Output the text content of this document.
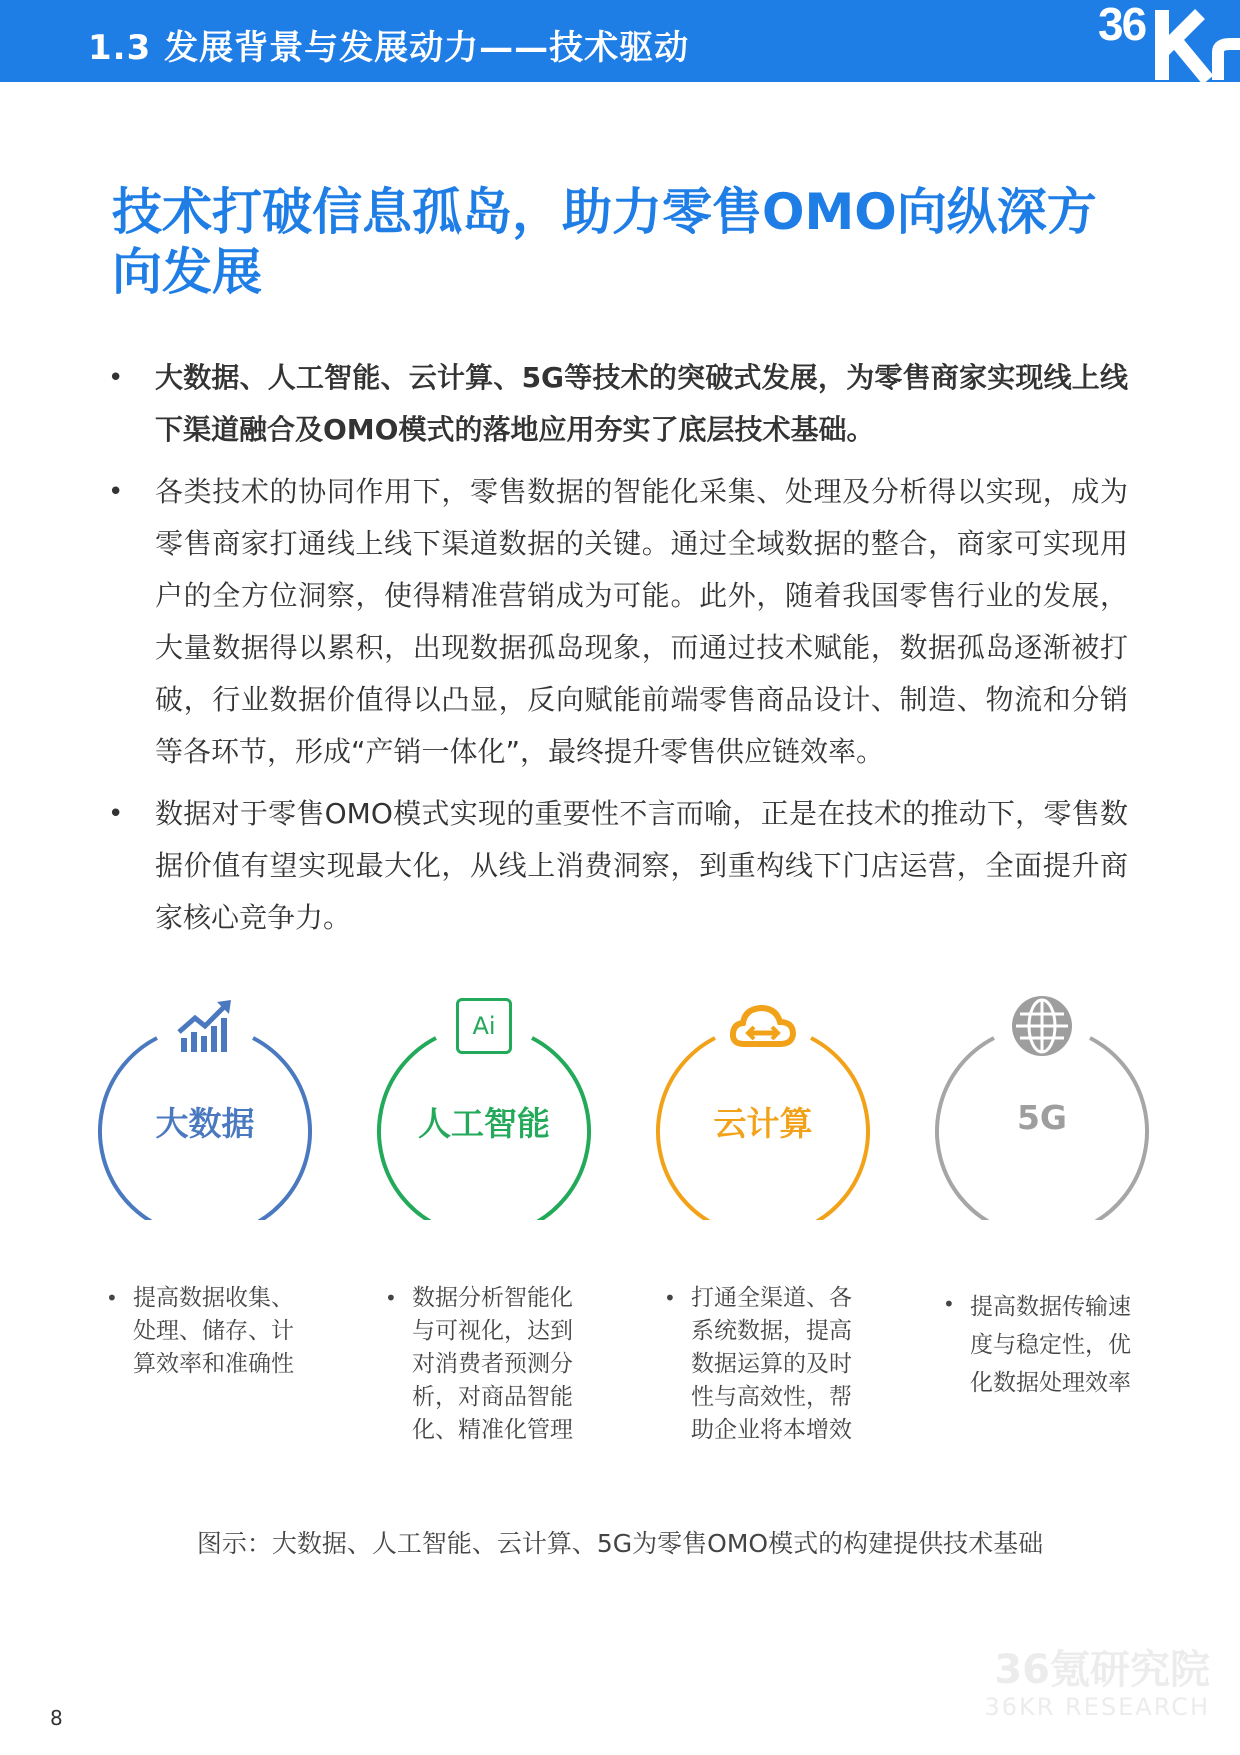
1.3 发展背景与发展动力——技术驱动	36
技术打破信息孤岛，助力零售OMO向纵深方向发展
• 大数据、人工智能、云计算、5G等技术的突破式发展，为零售商家实现线上线下渠道融合及OMO模式的落地应用夯实了底层技术基础。
• 各类技术的协同作用下，零售数据的智能化采集、处理及分析得以实现，成为零售商家打通线上线下渠道数据的关键。通过全域数据的整合，商家可实现用户的全方位洞察，使得精准营销成为可能。此外，随着我国零售行业的发展，大量数据得以累积，出现数据孤岛现象，而通过技术赋能，数据孤岛逐渐被打破，行业数据价值得以凸显，反向赋能前端零售商品设计、制造、物流和分销等各环节，形成“产销一体化”，最终提升零售供应链效率。
• 数据对于零售OMO模式实现的重要性不言而喻，正是在技术的推动下，零售数据价值有望实现最大化，从线上消费洞察，到重构线下门店运营，全面提升商家核心竞争力。
大数据
Ai
人工智能	云计算	5G
• 提高数据收集、处理、储存、计算效率和准确性
• 数据分析智能化与可视化，达到对消费者预测分析，对商品智能化、精准化管理
• 打通全渠道、各系统数据，提高数据运算的及时性与高效性，帮助企业将本增效
• 提高数据传输速度与稳定性，优化数据处理效率
图示：大数据、人工智能、云计算、5G为零售OMO模式的构建提供技术基础
36氪研究院
36KR RESEARCH
8
